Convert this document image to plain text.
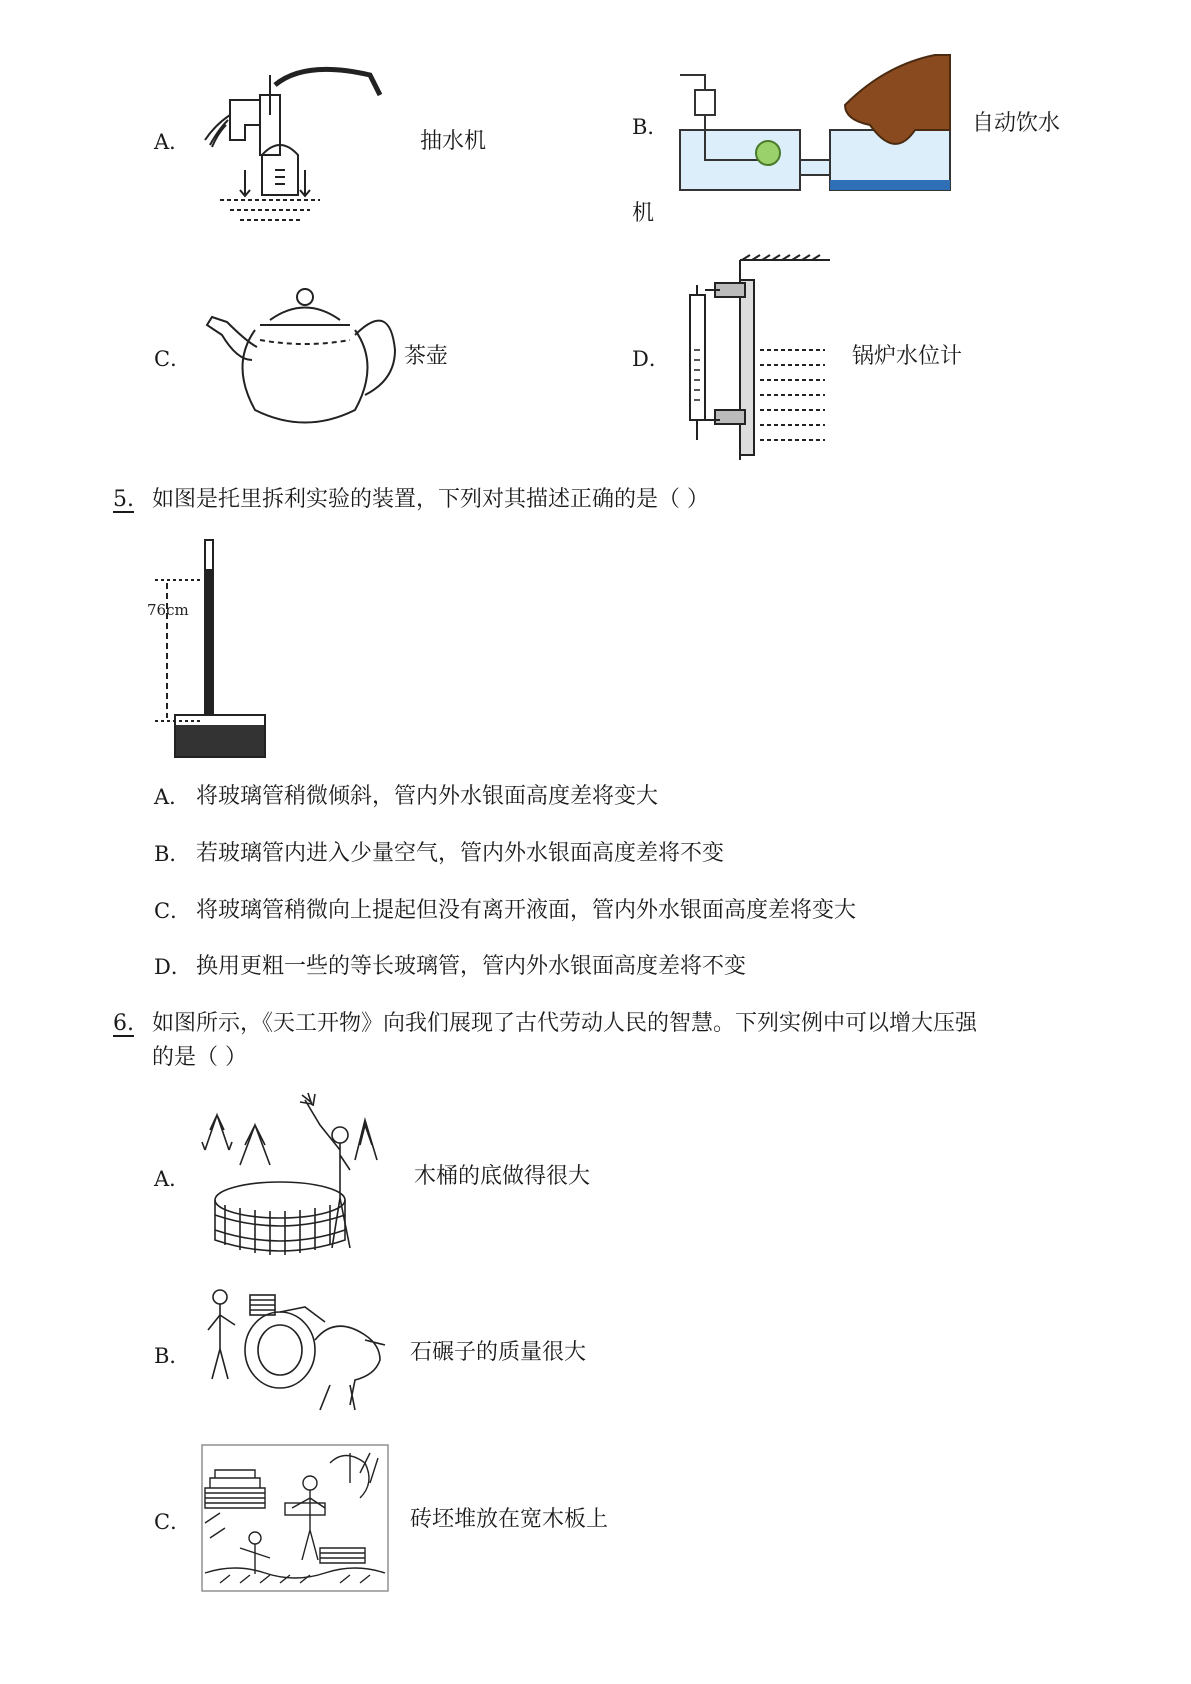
A．	抽水机
B．	自动饮水
机
C．	茶壶	D．	锅炉水位计
5. 如图是托里拆利实验的装置，下列对其描述正确的是（ ）
76cm
A． 将玻璃管稍微倾斜，管内外水银面高度差将变大
B． 若玻璃管内进入少量空气，管内外水银面高度差将不变
C． 将玻璃管稍微向上提起但没有离开液面，管内外水银面高度差将变大
D． 换用更粗一些的等长玻璃管，管内外水银面高度差将不变
6. 如图所示，《天工开物》向我们展现了古代劳动人民的智慧。下列实例中可以增大压强
的是（ ）
A．	木桶的底做得很大
B．	石碾子的质量很大
C．	砖坯堆放在宽木板上
